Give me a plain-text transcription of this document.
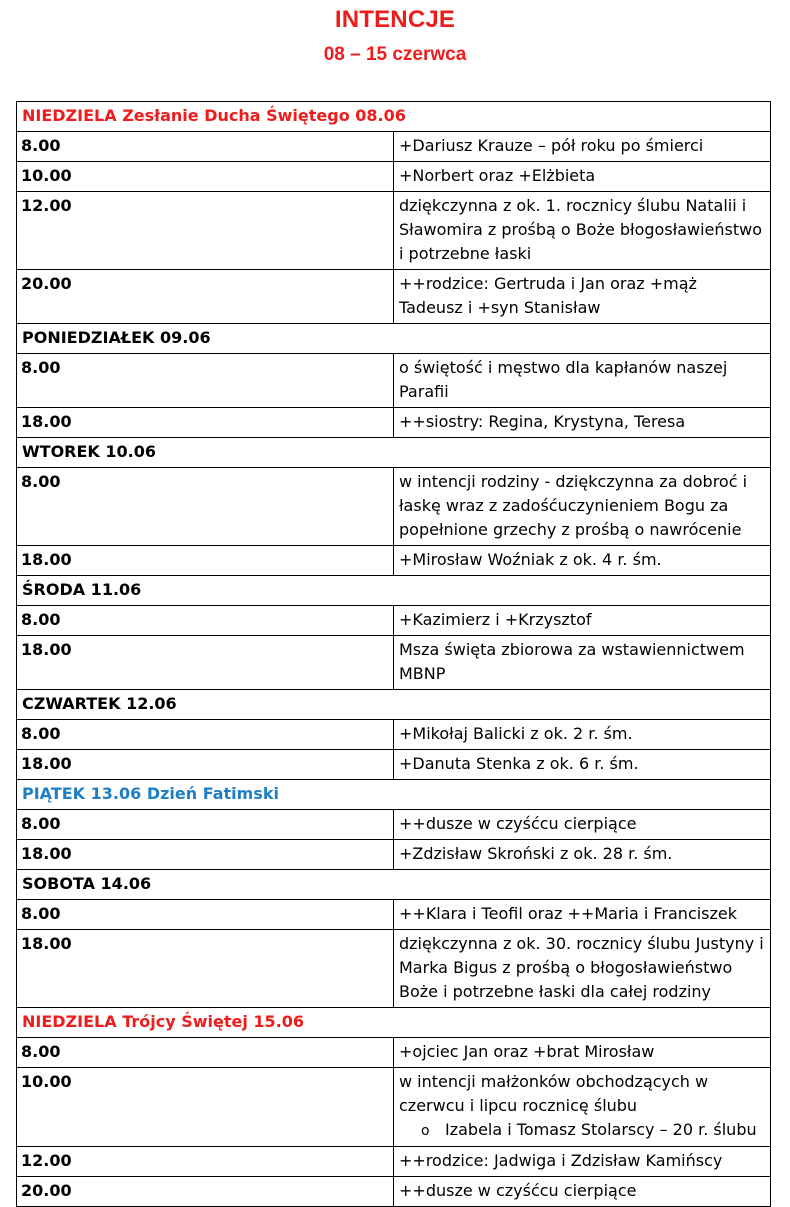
INTENCJE
08 – 15 czerwca
NIEDZIELA Zesłanie Ducha Świętego 08.06	
8.00	+Dariusz Krauze – pół roku po śmierci
10.00	+Norbert oraz +Elżbieta
12.00	dziękczynna z ok. 1. rocznicy ślubu Natalii i Sławomira z prośbą o Boże błogosławieństwo i potrzebne łaski
20.00	++rodzice: Gertruda i Jan oraz +mąż Tadeusz i +syn Stanisław
PONIEDZIAŁEK 09.06	
8.00	o świętość i męstwo dla kapłanów naszej Parafii
18.00	++siostry: Regina, Krystyna, Teresa
WTOREK 10.06	
8.00	w intencji rodziny - dziękczynna za dobroć i łaskę wraz z zadośćuczynieniem Bogu za popełnione grzechy z prośbą o nawrócenie
18.00	+Mirosław Woźniak z ok. 4 r. śm.
ŚRODA 11.06	
8.00	+Kazimierz i +Krzysztof
18.00	Msza święta zbiorowa za wstawiennictwem MBNP
CZWARTEK 12.06	
8.00	+Mikołaj Balicki z ok. 2 r. śm.
18.00	+Danuta Stenka z ok. 6 r. śm.
PIĄTEK 13.06 Dzień Fatimski	
8.00	++dusze w czyśćcu cierpiące
18.00	+Zdzisław Skroński z ok. 28 r. śm.
SOBOTA 14.06	
8.00	++Klara i Teofil oraz ++Maria i Franciszek
18.00	dziękczynna z ok. 30. rocznicy ślubu Justyny i Marka Bigus z prośbą o błogosławieństwo Boże i potrzebne łaski dla całej rodziny
NIEDZIELA Trójcy Świętej 15.06	
8.00	+ojciec Jan oraz +brat Mirosław
10.00	w intencji małżonków obchodzących w czerwcu i lipcu rocznicę ślubu
o Izabela i Tomasz Stolarscy – 20 r. ślubu

12.00	++rodzice: Jadwiga i Zdzisław Kamińscy
20.00	++dusze w czyśćcu cierpiące
